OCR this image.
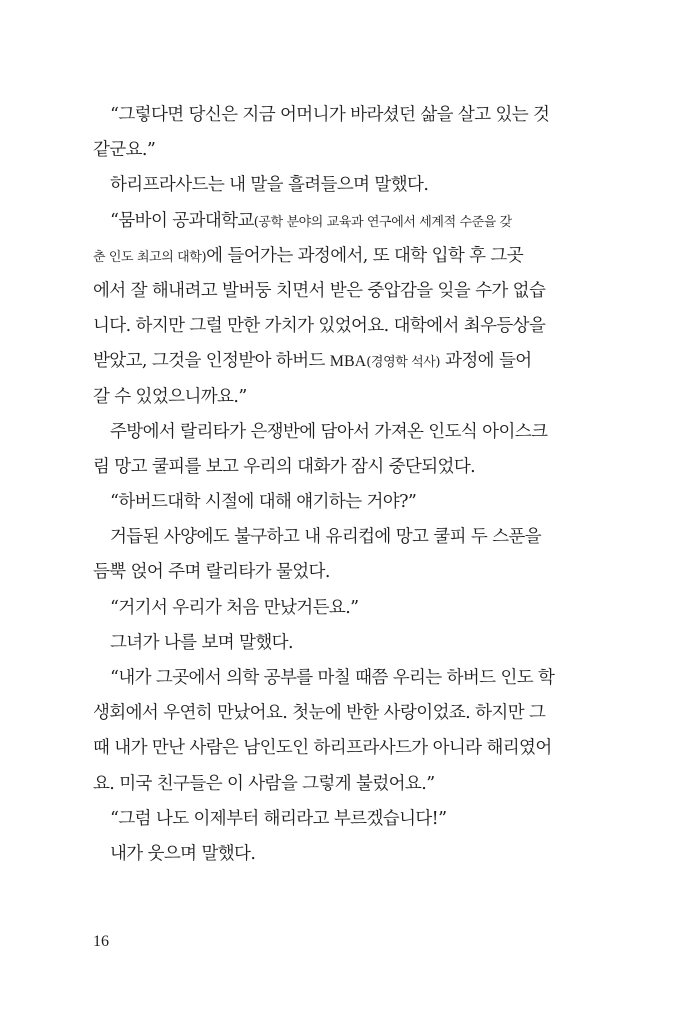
“그렇다면 당신은 지금 어머니가 바라셨던 삶을 살고 있는 것
같군요.”
하리프라사드는 내 말을 흘려들으며 말했다.
“뭄바이 공과대학교(공학 분야의 교육과 연구에서 세계적 수준을 갖
춘 인도 최고의 대학)에 들어가는 과정에서, 또 대학 입학 후 그곳
에서 잘 해내려고 발버둥 치면서 받은 중압감을 잊을 수가 없습
니다. 하지만 그럴 만한 가치가 있었어요. 대학에서 최우등상을
받았고, 그것을 인정받아 하버드 MBA(경영학 석사) 과정에 들어
갈 수 있었으니까요.”
주방에서 랄리타가 은쟁반에 담아서 가져온 인도식 아이스크
림 망고 쿨피를 보고 우리의 대화가 잠시 중단되었다.
“하버드대학 시절에 대해 얘기하는 거야?”
거듭된 사양에도 불구하고 내 유리컵에 망고 쿨피 두 스푼을
듬뿍 얹어 주며 랄리타가 물었다.
“거기서 우리가 처음 만났거든요.”
그녀가 나를 보며 말했다.
“내가 그곳에서 의학 공부를 마칠 때쯤 우리는 하버드 인도 학
생회에서 우연히 만났어요. 첫눈에 반한 사랑이었죠. 하지만 그
때 내가 만난 사람은 남인도인 하리프라사드가 아니라 해리였어
요. 미국 친구들은 이 사람을 그렇게 불렀어요.”
“그럼 나도 이제부터 해리라고 부르겠습니다!”
내가 웃으며 말했다.
16
